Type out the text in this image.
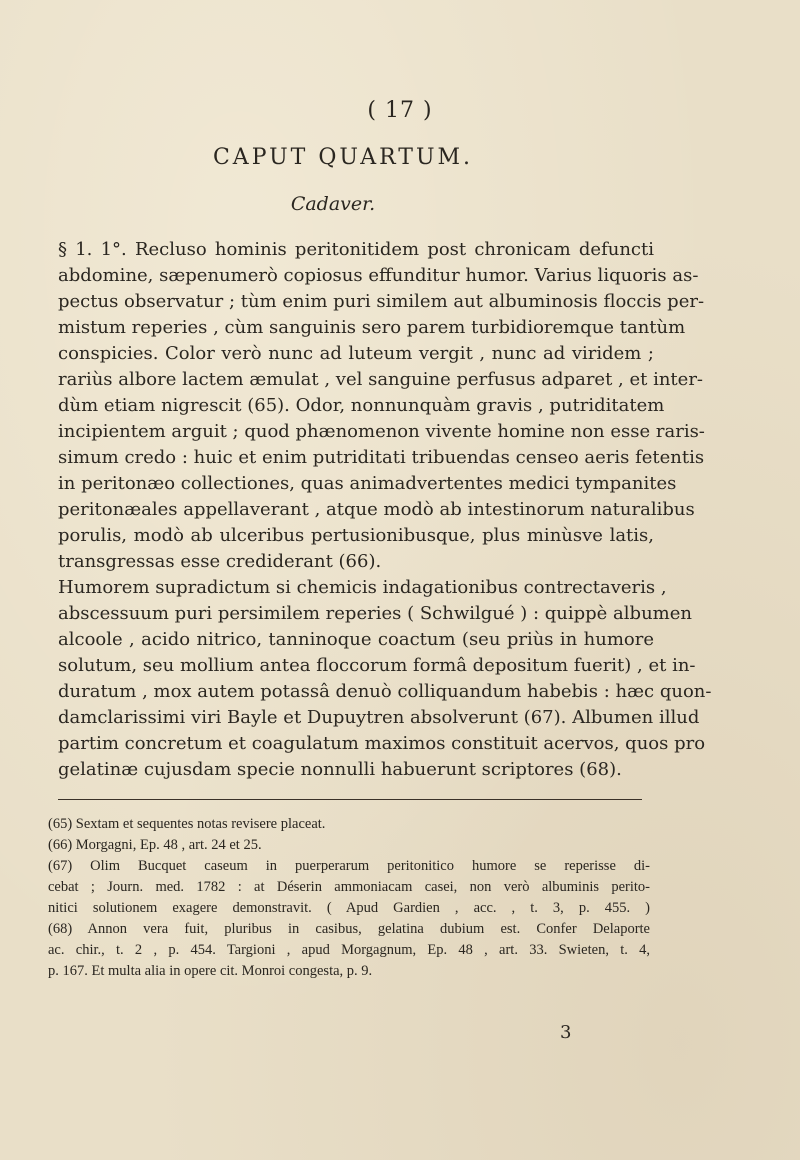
( 17 )
CAPUT QUARTUM.
Cadaver.
§ 1. 1°. Recluso hominis peritonitidem post chronicam defuncti
abdomine, sæpenumerò copiosus effunditur humor. Varius liquoris as-
pectus observatur ; tùm enim puri similem aut albuminosis floccis per-
mistum reperies , cùm sanguinis sero parem turbidioremque tantùm
conspicies. Color verò nunc ad luteum vergit , nunc ad viridem ;
rariùs albore lactem æmulat , vel sanguine perfusus adparet , et inter-
dùm etiam nigrescit (65). Odor, nonnunquàm gravis , putriditatem
incipientem arguit ; quod phænomenon vivente homine non esse raris-
simum credo : huic et enim putriditati tribuendas censeo aeris fetentis
in peritonæo collectiones, quas animadvertentes medici tympanites
peritonæales appellaverant , atque modò ab intestinorum naturalibus
porulis, modò ab ulceribus pertusionibusque, plus minùsve latis,
transgressas esse crediderant (66).
Humorem supradictum si chemicis indagationibus contrectaveris ,
abscessuum puri persimilem reperies ( Schwilgué ) : quippè albumen
alcoole , acido nitrico, tanninoque coactum (seu priùs in humore
solutum, seu mollium antea floccorum formâ depositum fuerit) , et in-
duratum , mox autem potassâ denuò colliquandum habebis : hæc quon-
damclarissimi viri Bayle et Dupuytren absolverunt (67). Albumen illud
partim concretum et coagulatum maximos constituit acervos, quos pro
gelatinæ cujusdam specie nonnulli habuerunt scriptores (68).
(65) Sextam et sequentes notas revisere placeat.
(66) Morgagni, Ep. 48 , art. 24 et 25.
(67) Olim Bucquet caseum in puerperarum peritonitico humore se reperisse di-
cebat ; Journ. med. 1782 : at Déserin ammoniacam casei, non verò albuminis perito-
nitici solutionem exagere demonstravit. ( Apud Gardien , acc. , t. 3, p. 455. )
(68) Annon vera fuit, pluribus in casibus, gelatina dubium est. Confer Delaporte
ac. chir., t. 2 , p. 454. Targioni , apud Morgagnum, Ep. 48 , art. 33. Swieten, t. 4,
p. 167. Et multa alia in opere cit. Monroi congesta, p. 9.
3
